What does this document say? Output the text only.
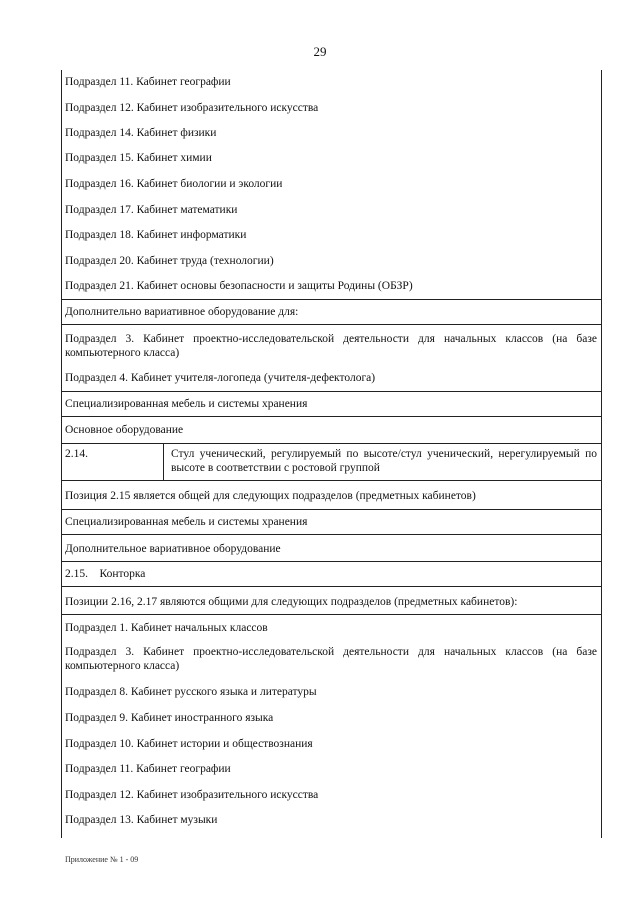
29
Подраздел 11. Кабинет географии
Подраздел 12. Кабинет изобразительного искусства
Подраздел 14. Кабинет физики
Подраздел 15. Кабинет химии
Подраздел 16. Кабинет биологии и экологии
Подраздел 17. Кабинет математики
Подраздел 18. Кабинет информатики
Подраздел 20. Кабинет труда (технологии)
Подраздел 21. Кабинет основы безопасности и защиты Родины (ОБЗР)
Дополнительно вариативное оборудование для:
Подраздел 3. Кабинет проектно-исследовательской деятельности для начальных классов (на базе компьютерного класса)
Подраздел 4. Кабинет учителя-логопеда (учителя-дефектолога)
Специализированная мебель и системы хранения
Основное оборудование
2.14.	Стул ученический, регулируемый по высоте/стул ученический, нерегулируемый по высоте в соответствии с ростовой группой
Позиция 2.15 является общей для следующих подразделов (предметных кабинетов)
Специализированная мебель и системы хранения
Дополнительное вариативное оборудование
2.15.    Конторка
Позиции 2.16, 2.17 являются общими для следующих подразделов (предметных кабинетов):
Подраздел 1. Кабинет начальных классов
Подраздел 3. Кабинет проектно-исследовательской деятельности для начальных классов (на базе компьютерного класса)
Подраздел 8. Кабинет русского языка и литературы
Подраздел 9. Кабинет иностранного языка
Подраздел 10. Кабинет истории и обществознания
Подраздел 11. Кабинет географии
Подраздел 12. Кабинет изобразительного искусства
Подраздел 13. Кабинет музыки
Приложение № 1 - 09
